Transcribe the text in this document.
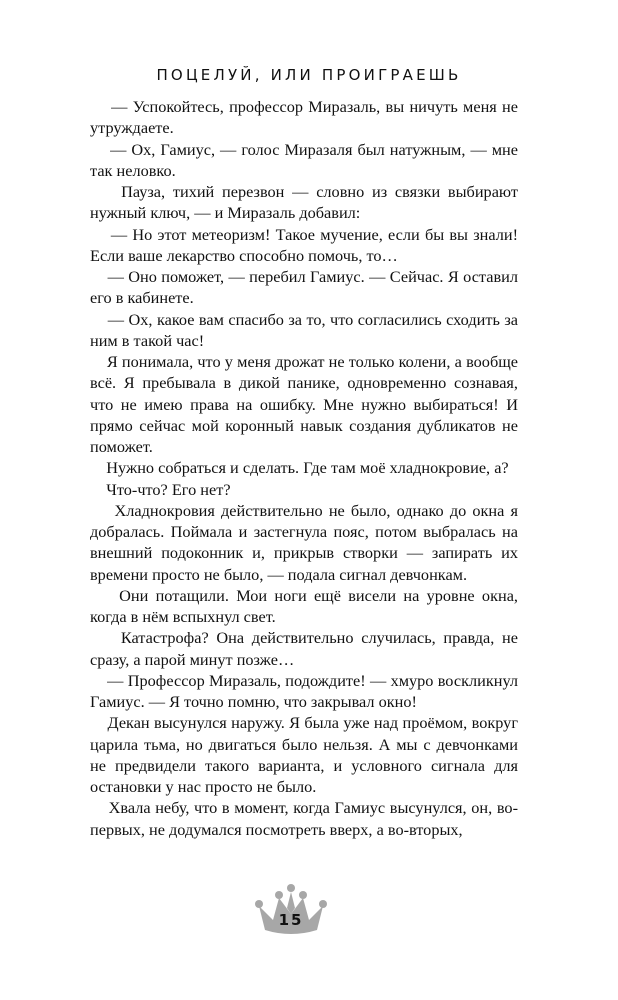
ПОЦЕЛУЙ, ИЛИ ПРОИГРАЕШЬ

— Успокойтесь, профессор Миразаль, вы ничуть меня не утруждаете.

— Ох, Гамиус, — голос Миразаля был натужным, — мне так неловко.

Пауза, тихий перезвон — словно из связки выбирают нужный ключ, — и Миразаль добавил:

— Но этот метеоризм! Такое мучение, если бы вы знали! Если ваше лекарство способно помочь, то…

— Оно поможет, — перебил Гамиус. — Сейчас. Я оставил его в кабинете.

— Ох, какое вам спасибо за то, что согласились сходить за ним в такой час!

Я понимала, что у меня дрожат не только колени, а вообще всё. Я пребывала в дикой панике, одновременно сознавая, что не имею права на ошибку. Мне нужно выбираться! И прямо сейчас мой коронный навык создания дубликатов не поможет.

Нужно собраться и сделать. Где там моё хладнокровие, а?

Что-что? Его нет?

Хладнокровия действительно не было, однако до окна я добралась. Поймала и застегнула пояс, потом выбралась на внешний подоконник и, прикрыв створки — запирать их времени просто не было, — подала сигнал девчонкам.

Они потащили. Мои ноги ещё висели на уровне окна, когда в нём вспыхнул свет.

Катастрофа? Она действительно случилась, правда, не сразу, а парой минут позже…

— Профессор Миразаль, подождите! — хмуро воскликнул Гамиус. — Я точно помню, что закрывал окно!

Декан высунулся наружу. Я была уже над проёмом, вокруг царила тьма, но двигаться было нельзя. А мы с девчонками не предвидели такого варианта, и условного сигнала для остановки у нас просто не было.

Хвала небу, что в момент, когда Гамиус высунулся, он, во-первых, не додумался посмотреть вверх, а во-вторых,

15
